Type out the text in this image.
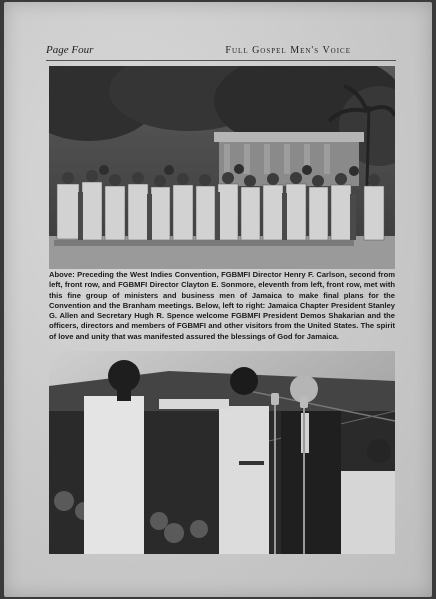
Page Four	Full Gospel Men's Voice

Above: Preceding the West Indies Convention, FGBMFI Director Henry F. Carlson, second from left, front row, and FGBMFI Director Clayton E. Sonmore, eleventh from left, front row, met with this fine group of ministers and business men of Jamaica to make final plans for the Convention and the Branham meetings. Below, left to right: Jamaica Chapter President Stanley G. Allen and Secretary Hugh R. Spence welcome FGBMFI President Demos Shakarian and the officers, directors and members of FGBMFI and other visitors from the United States. The spirit of love and unity that was manifested assured the blessings of God for Jamaica.
